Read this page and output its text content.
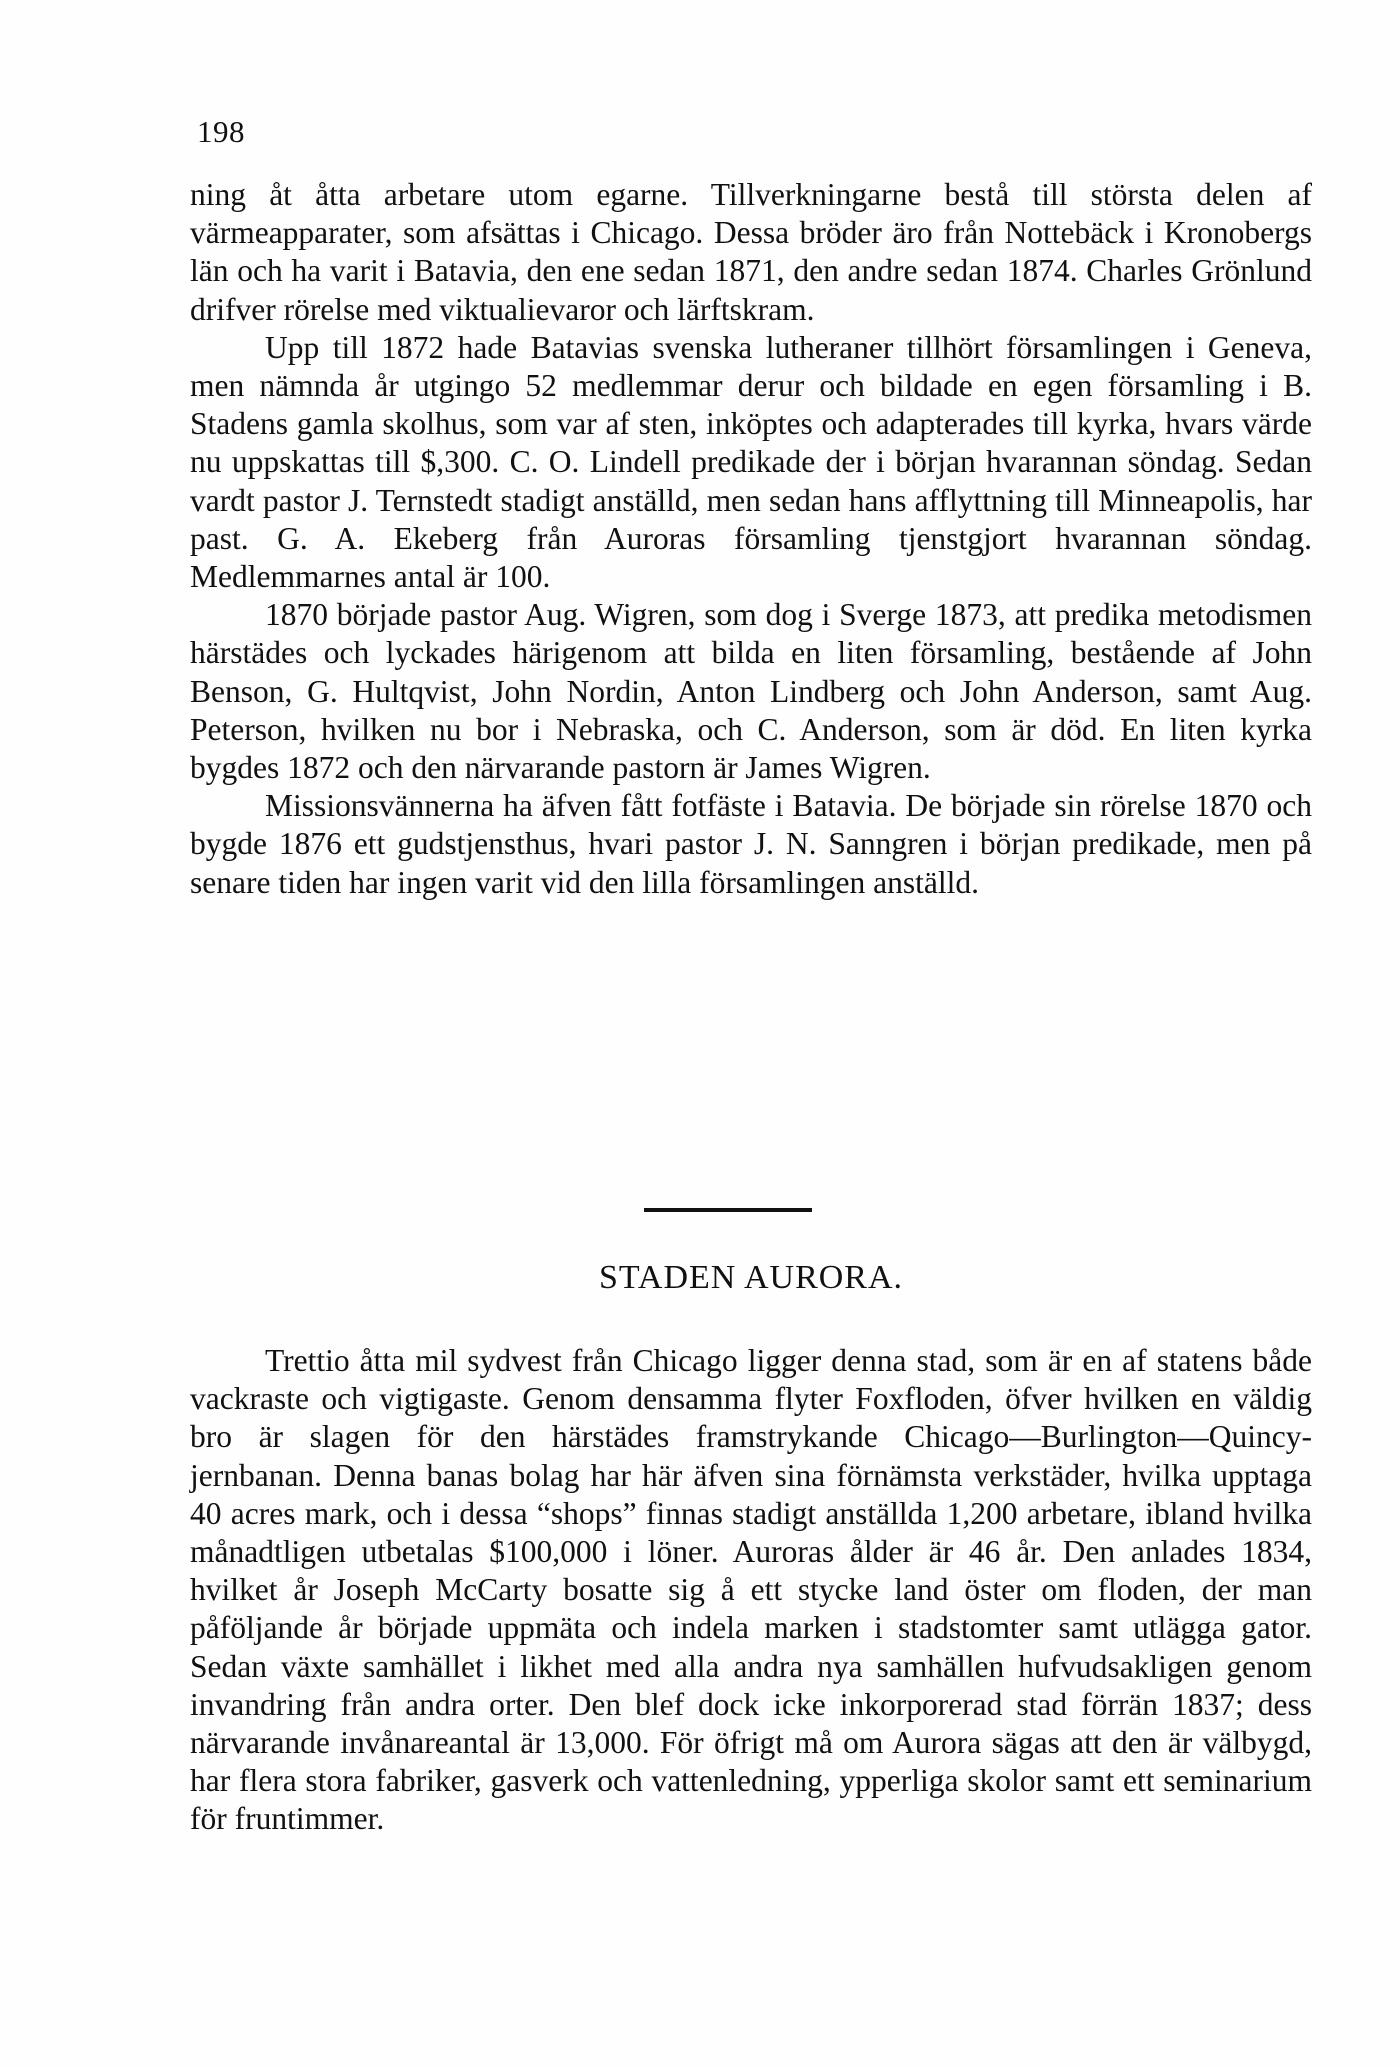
198

ning åt åtta arbetare utom egarne. Tillverkningarne bestå till största delen af värmeapparater, som afsättas i Chicago. Dessa bröder äro från Nottebäck i Kronobergs län och ha varit i Batavia, den ene sedan 1871, den andre sedan 1874. Charles Grönlund drifver rörelse med viktualievaror och lärftskram.

Upp till 1872 hade Batavias svenska lutheraner tillhört församlingen i Geneva, men nämnda år utgingo 52 medlemmar derur och bildade en egen församling i B. Stadens gamla skolhus, som var af sten, inköptes och adapterades till kyrka, hvars värde nu uppskattas till $,300. C. O. Lindell predikade der i början hvarannan söndag. Sedan vardt pastor J. Ternstedt stadigt anställd, men sedan hans afflyttning till Minneapolis, har past. G. A. Ekeberg från Auroras församling tjenstgjort hvarannan söndag. Medlemmarnes antal är 100.

1870 började pastor Aug. Wigren, som dog i Sverge 1873, att predika metodismen härstädes och lyckades härigenom att bilda en liten församling, bestående af John Benson, G. Hultqvist, John Nordin, Anton Lindberg och John Anderson, samt Aug. Peterson, hvilken nu bor i Nebraska, och C. Anderson, som är död. En liten kyrka bygdes 1872 och den närvarande pastorn är James Wigren.

Missionsvännerna ha äfven fått fotfäste i Batavia. De började sin rörelse 1870 och bygde 1876 ett gudstjensthus, hvari pastor J. N. Sanngren i början predikade, men på senare tiden har ingen varit vid den lilla församlingen anställd.

STADEN AURORA.

Trettio åtta mil sydvest från Chicago ligger denna stad, som är en af statens både vackraste och vigtigaste. Genom densamma flyter Foxfloden, öfver hvilken en väldig bro är slagen för den härstädes framstrykande Chicago—Burlington—Quincy-jernbanan. Denna banas bolag har här äfven sina förnämsta verkstäder, hvilka upptaga 40 acres mark, och i dessa “shops” finnas stadigt anställda 1,200 arbetare, ibland hvilka månadtligen utbetalas $100,000 i löner. Auroras ålder är 46 år. Den anlades 1834, hvilket år Joseph McCarty bosatte sig å ett stycke land öster om floden, der man påföljande år började uppmäta och indela marken i stadstomter samt utlägga gator. Sedan växte samhället i likhet med alla andra nya samhällen hufvudsakligen genom invandring från andra orter. Den blef dock icke inkorporerad stad förrän 1837; dess närvarande invånareantal är 13,000. För öfrigt må om Aurora sägas att den är välbygd, har flera stora fabriker, gasverk och vattenledning, ypperliga skolor samt ett seminarium för fruntimmer.
